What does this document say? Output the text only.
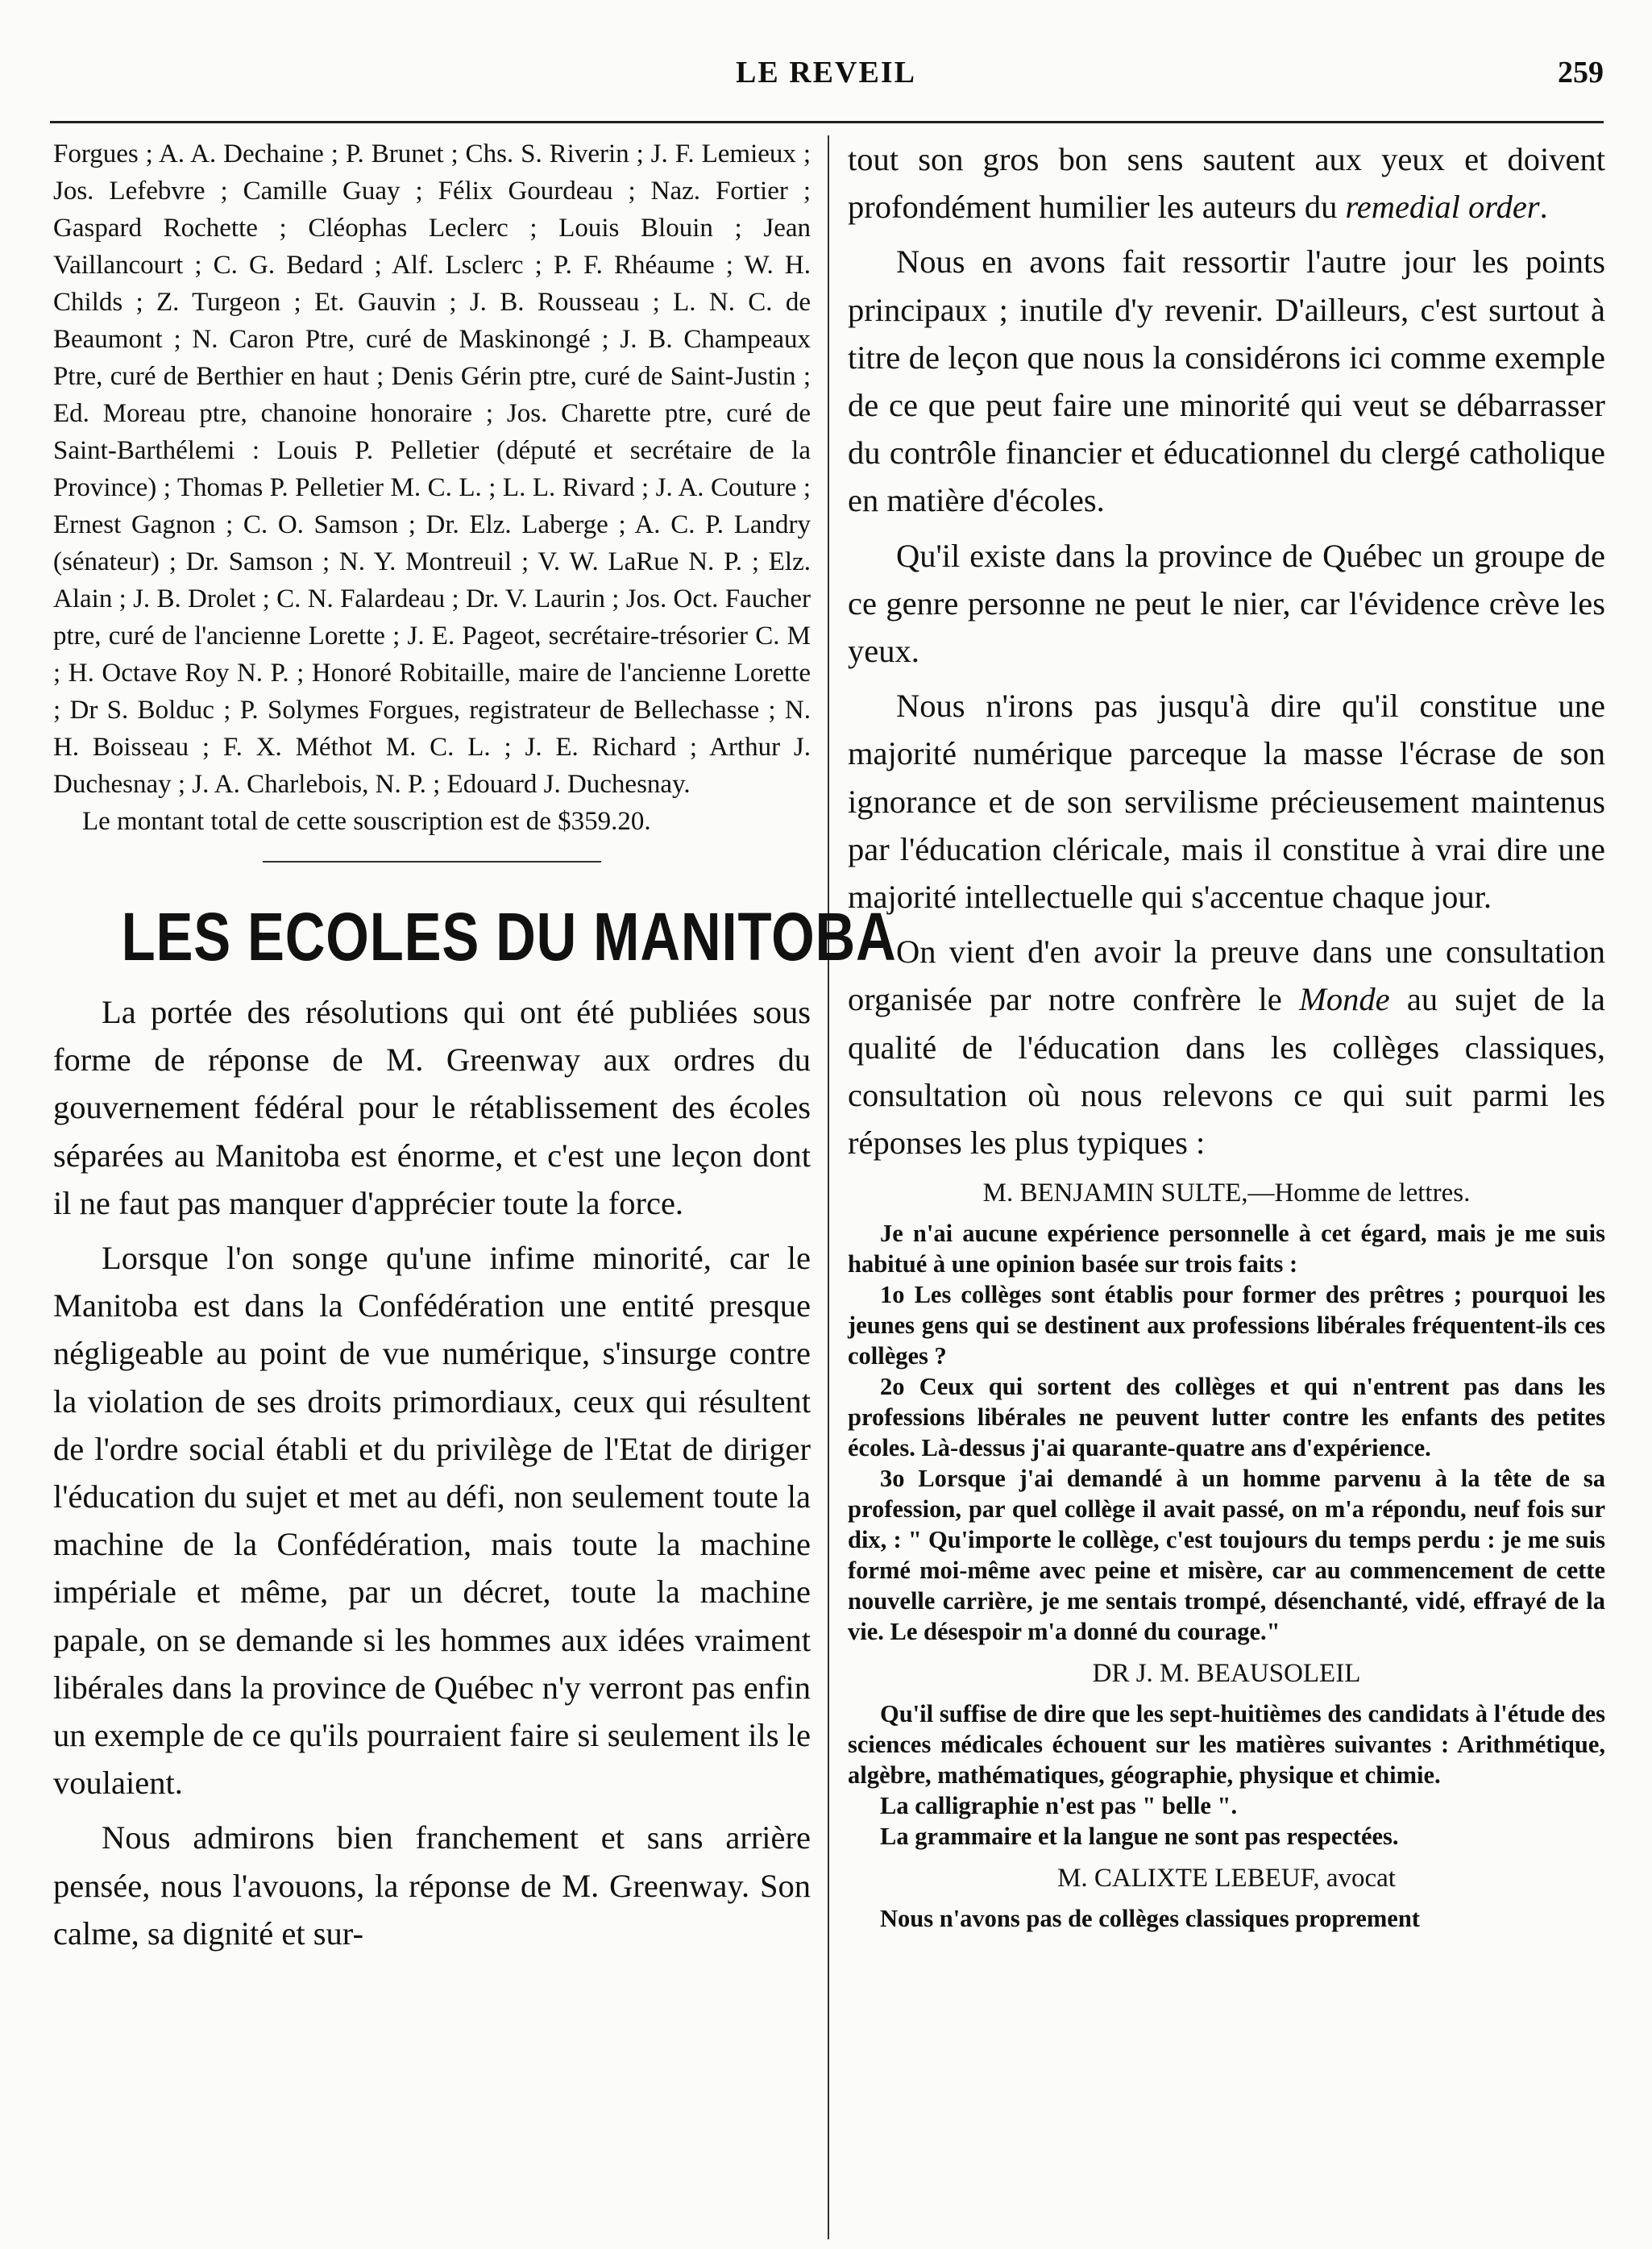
LE REVEIL	259

Forgues ; A. A. Dechaine ; P. Brunet ; Chs. S. Riverin ; J. F. Lemieux ; Jos. Lefebvre ; Camille Guay ; Félix Gourdeau ; Naz. Fortier ; Gaspard Rochette ; Cléophas Leclerc ; Louis Blouin ; Jean Vaillancourt ; C. G. Bedard ; Alf. Lsclerc ; P. F. Rhéaume ; W. H. Childs ; Z. Turgeon ; Et. Gauvin ; J. B. Rousseau ; L. N. C. de Beaumont ; N. Caron Ptre, curé de Maskinongé ; J. B. Champeaux Ptre, curé de Berthier en haut ; Denis Gérin ptre, curé de Saint-Justin ; Ed. Moreau ptre, chanoine honoraire ; Jos. Charette ptre, curé de Saint-Barthélemi : Louis P. Pelletier (député et secrétaire de la Province) ; Thomas P. Pelletier M. C. L. ; L. L. Rivard ; J. A. Couture ; Ernest Gagnon ; C. O. Samson ; Dr. Elz. Laberge ; A. C. P. Landry (sénateur) ; Dr. Samson ; N. Y. Montreuil ; V. W. LaRue N. P. ; Elz. Alain ; J. B. Drolet ; C. N. Falardeau ; Dr. V. Laurin ; Jos. Oct. Faucher ptre, curé de l'ancienne Lorette ; J. E. Pageot, secrétaire-trésorier C. M ; H. Octave Roy N. P. ; Honoré Robitaille, maire de l'ancienne Lorette ; Dr S. Bolduc ; P. Solymes Forgues, registrateur de Bellechasse ; N. H. Boisseau ; F. X. Méthot M. C. L. ; J. E. Richard ; Arthur J. Duchesnay ; J. A. Charlebois, N. P. ; Edouard J. Duchesnay.

Le montant total de cette souscription est de $359.20.

LES ECOLES DU MANITOBA

La portée des résolutions qui ont été publiées sous forme de réponse de M. Greenway aux ordres du gouvernement fédéral pour le rétablissement des écoles séparées au Manitoba est énorme, et c'est une leçon dont il ne faut pas manquer d'apprécier toute la force.

Lorsque l'on songe qu'une infime minorité, car le Manitoba est dans la Confédération une entité presque négligeable au point de vue numérique, s'insurge contre la violation de ses droits primordiaux, ceux qui résultent de l'ordre social établi et du privilège de l'Etat de diriger l'éducation du sujet et met au défi, non seulement toute la machine de la Confédération, mais toute la machine impériale et même, par un décret, toute la machine papale, on se demande si les hommes aux idées vraiment libérales dans la province de Québec n'y verront pas enfin un exemple de ce qu'ils pourraient faire si seulement ils le voulaient.

Nous admirons bien franchement et sans arrière pensée, nous l'avouons, la réponse de M. Greenway. Son calme, sa dignité et sur-

tout son gros bon sens sautent aux yeux et doivent profondément humilier les auteurs du remedial order.

Nous en avons fait ressortir l'autre jour les points principaux ; inutile d'y revenir. D'ailleurs, c'est surtout à titre de leçon que nous la considérons ici comme exemple de ce que peut faire une minorité qui veut se débarrasser du contrôle financier et éducationnel du clergé catholique en matière d'écoles.

Qu'il existe dans la province de Québec un groupe de ce genre personne ne peut le nier, car l'évidence crève les yeux.

Nous n'irons pas jusqu'à dire qu'il constitue une majorité numérique parceque la masse l'écrase de son ignorance et de son servilisme précieusement maintenus par l'éducation cléricale, mais il constitue à vrai dire une majorité intellectuelle qui s'accentue chaque jour.

On vient d'en avoir la preuve dans une consultation organisée par notre confrère le Monde au sujet de la qualité de l'éducation dans les collèges classiques, consultation où nous relevons ce qui suit parmi les réponses les plus typiques :

M. BENJAMIN SULTE,—Homme de lettres.

Je n'ai aucune expérience personnelle à cet égard, mais je me suis habitué à une opinion basée sur trois faits :

1o Les collèges sont établis pour former des prêtres ; pourquoi les jeunes gens qui se destinent aux professions libérales fréquentent-ils ces collèges ?

2o Ceux qui sortent des collèges et qui n'entrent pas dans les professions libérales ne peuvent lutter contre les enfants des petites écoles. Là-dessus j'ai quarante-quatre ans d'expérience.

3o Lorsque j'ai demandé à un homme parvenu à la tête de sa profession, par quel collège il avait passé, on m'a répondu, neuf fois sur dix, : " Qu'importe le collège, c'est toujours du temps perdu : je me suis formé moi-même avec peine et misère, car au commencement de cette nouvelle carrière, je me sentais trompé, désenchanté, vidé, effrayé de la vie. Le désespoir m'a donné du courage."

DR J. M. BEAUSOLEIL

Qu'il suffise de dire que les sept-huitièmes des candidats à l'étude des sciences médicales échouent sur les matières suivantes : Arithmétique, algèbre, mathématiques, géographie, physique et chimie.

La calligraphie n'est pas " belle ".

La grammaire et la langue ne sont pas respectées.

M. CALIXTE LEBEUF, avocat

Nous n'avons pas de collèges classiques proprement
